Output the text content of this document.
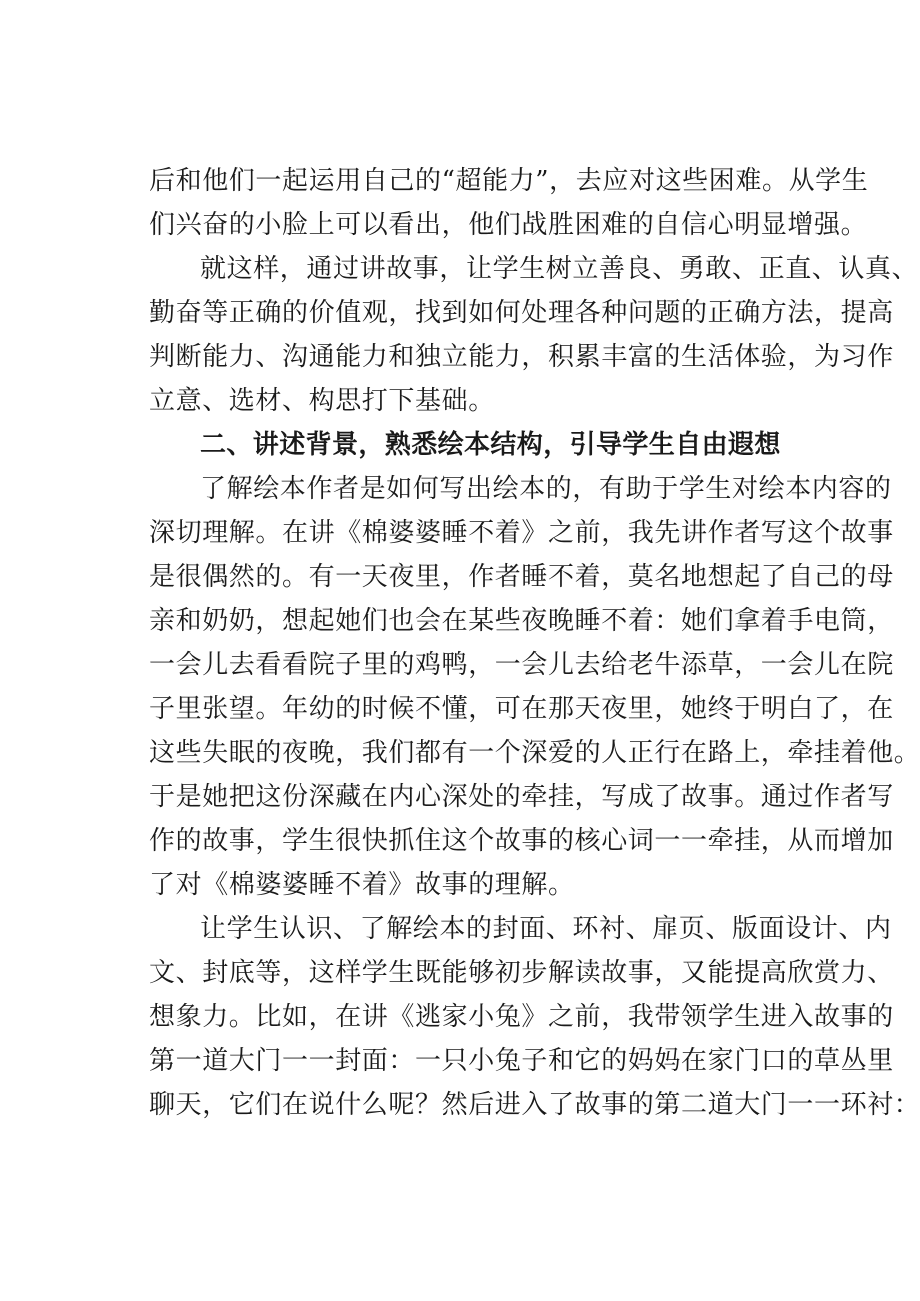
后和他们一起运用自己的“超能力”，去应对这些困难。从学生
们兴奋的小脸上可以看出，他们战胜困难的自信心明显增强。
就这样，通过讲故事，让学生树立善良、勇敢、正直、认真、
勤奋等正确的价值观，找到如何处理各种问题的正确方法，提高
判断能力、沟通能力和独立能力，积累丰富的生活体验，为习作
立意、选材、构思打下基础。
二、讲述背景，熟悉绘本结构，引导学生自由遐想
了解绘本作者是如何写出绘本的，有助于学生对绘本内容的
深切理解。在讲《棉婆婆睡不着》之前，我先讲作者写这个故事
是很偶然的。有一天夜里，作者睡不着，莫名地想起了自己的母
亲和奶奶，想起她们也会在某些夜晚睡不着：她们拿着手电筒，
一会儿去看看院子里的鸡鸭，一会儿去给老牛添草，一会儿在院
子里张望。年幼的时候不懂，可在那天夜里，她终于明白了，在
这些失眠的夜晚，我们都有一个深爱的人正行在路上，牵挂着他。
于是她把这份深藏在内心深处的牵挂，写成了故事。通过作者写
作的故事，学生很快抓住这个故事的核心词一一牵挂，从而增加
了对《棉婆婆睡不着》故事的理解。
让学生认识、了解绘本的封面、环衬、扉页、版面设计、内
文、封底等，这样学生既能够初步解读故事，又能提高欣赏力、
想象力。比如，在讲《逃家小兔》之前，我带领学生进入故事的
第一道大门一一封面：一只小兔子和它的妈妈在家门口的草丛里
聊天，它们在说什么呢？然后进入了故事的第二道大门一一环衬：
